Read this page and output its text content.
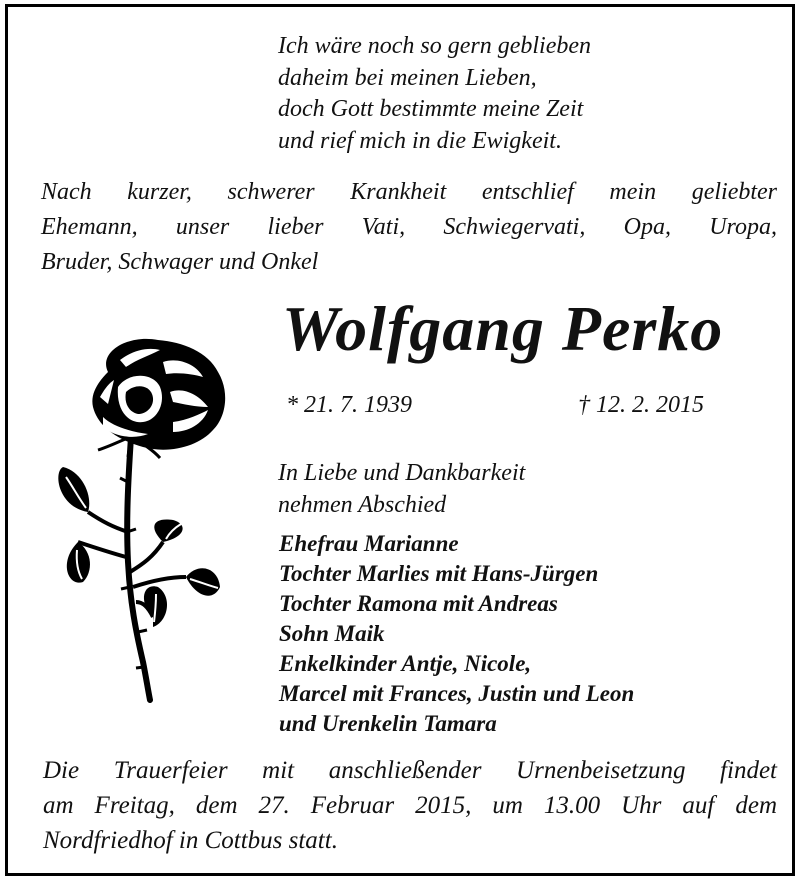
Ich wäre noch so gern geblieben
daheim bei meinen Lieben,
doch Gott bestimmte meine Zeit
und rief mich in die Ewigkeit.
Nach kurzer, schwerer Krankheit entschlief mein geliebter
Ehemann, unser lieber Vati, Schwiegervati, Opa, Uropa,
Bruder, Schwager und Onkel
Wolfgang Perko
* 21. 7. 1939	† 12. 2. 2015
In Liebe und Dankbarkeit
nehmen Abschied
Ehefrau Marianne
Tochter Marlies mit Hans-Jürgen
Tochter Ramona mit Andreas
Sohn Maik
Enkelkinder Antje, Nicole,
Marcel mit Frances, Justin und Leon
und Urenkelin Tamara
Die Trauerfeier mit anschließender Urnenbeisetzung findet
am Freitag, dem 27. Februar 2015, um 13.00 Uhr auf dem
Nordfriedhof in Cottbus statt.
